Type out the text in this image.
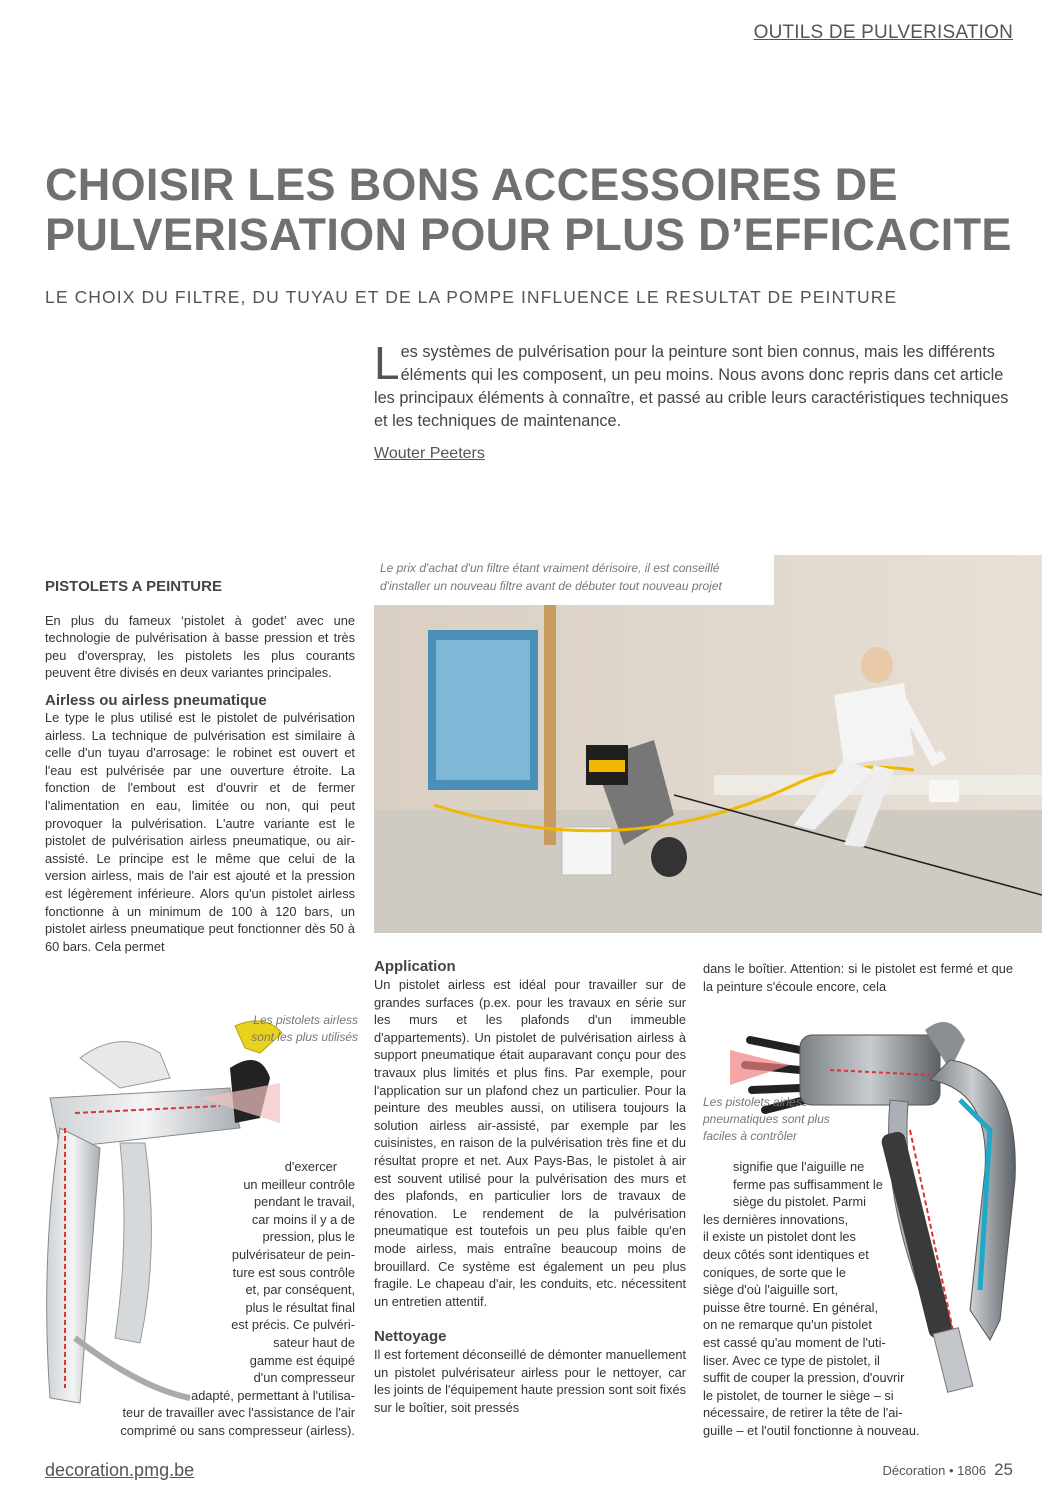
OUTILS DE PULVERISATION
CHOISIR LES BONS ACCESSOIRES DE
PULVERISATION POUR PLUS D’EFFICACITE
LE CHOIX DU FILTRE, DU TUYAU ET DE LA POMPE INFLUENCE LE RESULTAT DE PEINTURE
Les systèmes de pulvérisation pour la peinture sont bien connus, mais les différents éléments qui les composent, un peu moins. Nous avons donc repris dans cet article les principaux éléments à connaître, et passé au crible leurs caractéristiques techniques et les techniques de maintenance.
Wouter Peeters
PISTOLETS A PEINTURE

En plus du fameux ‘pistolet à godet’ avec une technologie de pulvérisation à basse pression et très peu d'overspray, les pistolets les plus courants peuvent être divisés en deux variantes principales.

Airless ou airless pneumatique

Le type le plus utilisé est le pistolet de pulvérisation airless. La technique de pulvérisation est similaire à celle d'un tuyau d'arrosage: le robinet est ouvert et l'eau est pulvérisée par une ouverture étroite. La fonction de l'embout est d'ouvrir et de fermer l'alimentation en eau, limitée ou non, qui peut provoquer la pulvérisation. L'autre variante est le pistolet de pulvérisation airless pneumatique, ou air-assisté. Le principe est le même que celui de la version airless, mais de l'air est ajouté et la pression est légèrement inférieure. Alors qu'un pistolet airless fonctionne à un minimum de 100 à 120 bars, un pistolet airless pneumatique peut fonctionner dès 50 à 60 bars. Cela permet

Les pistolets airless sont les plus utilisés
d'exercer
un meilleur contrôle
pendant le travail,
car moins il y a de
pression, plus le
pulvérisateur de pein-
ture est sous contrôle
et, par conséquent,
plus le résultat final
est précis. Ce pulvéri-
sateur haut de
gamme est équipé
d'un compresseur
adapté, permettant à l'utilisa-
teur de travailler avec l'assistance de l'air
comprimé ou sans compresseur (airless).
Le prix d'achat d'un filtre étant vraiment dérisoire, il est conseillé d'installer un nouveau filtre avant de débuter tout nouveau projet
Application

Un pistolet airless est idéal pour travailler sur de grandes surfaces (p.ex. pour les travaux en série sur les murs et les plafonds d'un immeuble d'appartements). Un pistolet de pulvérisation airless à support pneumatique était auparavant conçu pour des travaux plus limités et plus fins. Par exemple, pour l'application sur un plafond chez un particulier. Pour la peinture des meubles aussi, on utilisera toujours la solution airless air-assisté, par exemple par les cuisinistes, en raison de la pulvérisation très fine et du résultat propre et net. Aux Pays-Bas, le pistolet à air est souvent utilisé pour la pulvérisation des murs et des plafonds, en particulier lors de travaux de rénovation. Le rendement de la pulvérisation pneumatique est toutefois un peu plus faible qu'en mode airless, mais entraîne beaucoup moins de brouillard. Ce système est également un peu plus fragile. Le chapeau d'air, les conduits, etc. nécessitent un entretien attentif.

Nettoyage

Il est fortement déconseillé de démonter manuellement un pistolet pulvérisateur airless pour le nettoyer, car les joints de l'équipement haute pression sont soit fixés sur le boîtier, soit pressés

dans le boîtier. Attention: si le pistolet est fermé et que la peinture s'écoule encore, cela

Les pistolets airless pneumatiques sont plus faciles à contrôler
signifie que l'aiguille ne
ferme pas suffisamment le
siège du pistolet. Parmi
les dernières innovations,
il existe un pistolet dont les
deux côtés sont identiques et
coniques, de sorte que le
siège d'où l'aiguille sort,
puisse être tourné. En général,
on ne remarque qu'un pistolet
est cassé qu'au moment de l'uti-
liser. Avec ce type de pistolet, il
suffit de couper la pression, d'ouvrir
le pistolet, de tourner le siège – si
nécessaire, de retirer la tête de l'ai-
guille – et l'outil fonctionne à nouveau.
decoration.pmg.be	Décoration • 1806 25
